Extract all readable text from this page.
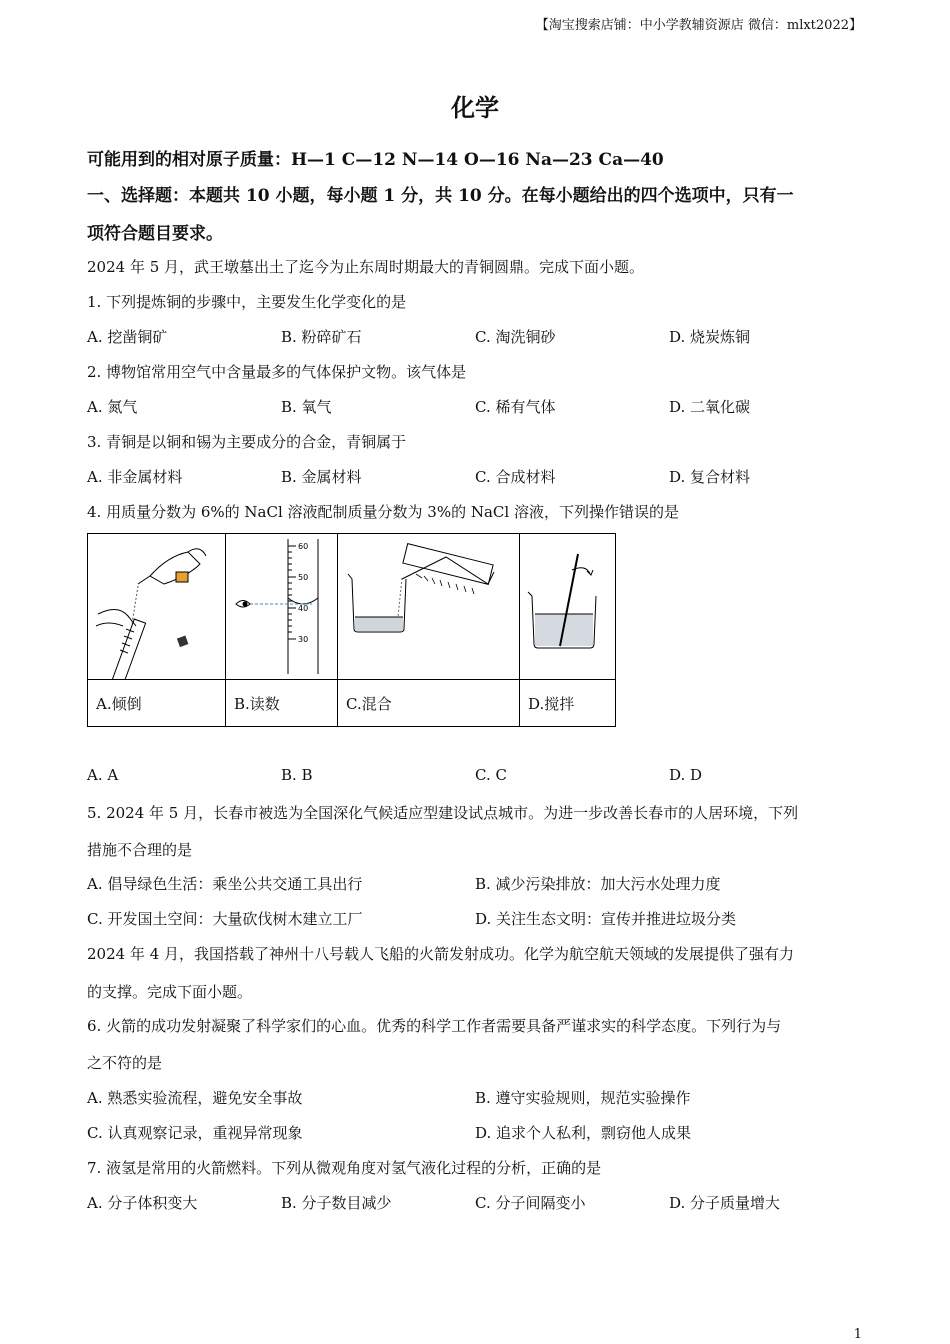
【淘宝搜索店铺：中小学教辅资源店 微信：mlxt2022】
化学
可能用到的相对原子质量：H—1 C—12 N—14 O—16 Na—23 Ca—40
一、选择题：本题共 10 小题，每小题 1 分，共 10 分。在每小题给出的四个选项中，只有一
项符合题目要求。
2024 年 5 月，武王墩墓出土了迄今为止东周时期最大的青铜圆鼎。完成下面小题。
1. 下列提炼铜的步骤中，主要发生化学变化的是
A. 挖凿铜矿	B. 粉碎矿石	C. 淘洗铜砂	D. 烧炭炼铜
2. 博物馆常用空气中含量最多的气体保护文物。该气体是
A. 氮气	B. 氧气	C. 稀有气体	D. 二氧化碳
3. 青铜是以铜和锡为主要成分的合金，青铜属于
A. 非金属材料	B. 金属材料	C. 合成材料	D. 复合材料
4. 用质量分数为 6%的 NaCl 溶液配制质量分数为 3%的 NaCl 溶液，下列操作错误的是

60
50
40
30

A.倾倒	B.读数	C.混合	D.搅拌
A. A	B. B	C. C	D. D
5. 2024 年 5 月，长春市被选为全国深化气候适应型建设试点城市。为进一步改善长春市的人居环境，下列
措施不合理的是
A. 倡导绿色生活：乘坐公共交通工具出行	B. 减少污染排放：加大污水处理力度
C. 开发国土空间：大量砍伐树木建立工厂	D. 关注生态文明：宣传并推进垃圾分类
2024 年 4 月，我国搭载了神州十八号载人飞船的火箭发射成功。化学为航空航天领域的发展提供了强有力
的支撑。完成下面小题。
6. 火箭的成功发射凝聚了科学家们的心血。优秀的科学工作者需要具备严谨求实的科学态度。下列行为与
之不符的是
A. 熟悉实验流程，避免安全事故	B. 遵守实验规则，规范实验操作
C. 认真观察记录，重视异常现象	D. 追求个人私利，剽窃他人成果
7. 液氢是常用的火箭燃料。下列从微观角度对氢气液化过程的分析，正确的是
A. 分子体积变大	B. 分子数目减少	C. 分子间隔变小	D. 分子质量增大
1
